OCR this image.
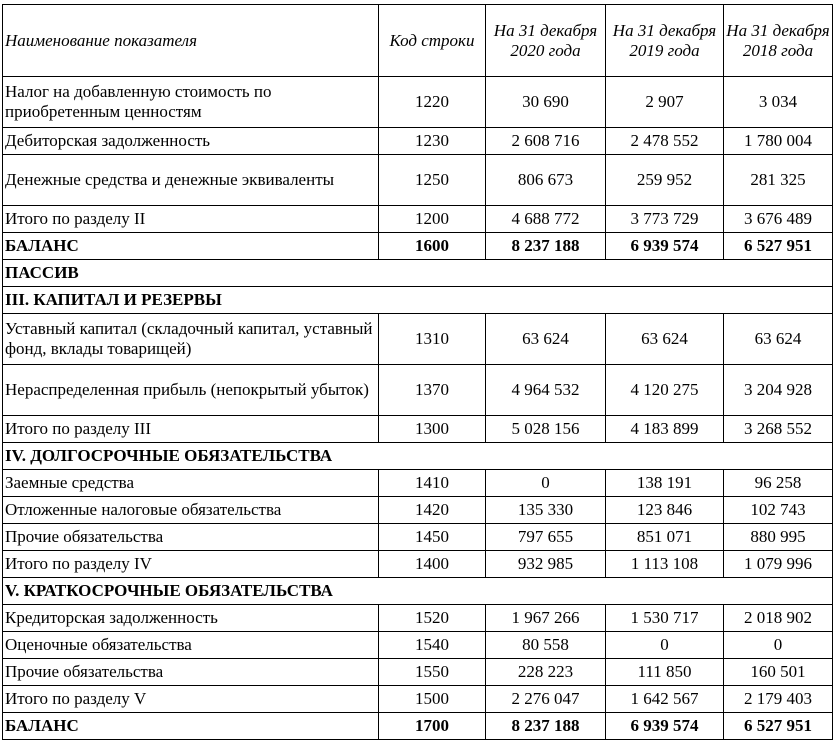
Наименование показателя	Код строки	На 31 декабря 2020 года	На 31 декабря 2019 года	На 31 декабря 2018 года
Налог на добавленную стоимость по приобретенным ценностям	1220	30 690	2 907	3 034
Дебиторская задолженность	1230	2 608 716	2 478 552	1 780 004
Денежные средства и денежные эквиваленты	1250	806 673	259 952	281 325
Итого по разделу II	1200	4 688 772	3 773 729	3 676 489
БАЛАНС	1600	8 237 188	6 939 574	6 527 951
ПАССИВ				
III. КАПИТАЛ И РЕЗЕРВЫ				
Уставный капитал (складочный капитал, уставный фонд, вклады товарищей)	1310	63 624	63 624	63 624
Нераспределенная прибыль (непокрытый убыток)	1370	4 964 532	4 120 275	3 204 928
Итого по разделу III	1300	5 028 156	4 183 899	3 268 552
IV. ДОЛГОСРОЧНЫЕ ОБЯЗАТЕЛЬСТВА				
Заемные средства	1410	0	138 191	96 258
Отложенные налоговые обязательства	1420	135 330	123 846	102 743
Прочие обязательства	1450	797 655	851 071	880 995
Итого по разделу IV	1400	932 985	1 113 108	1 079 996
V. КРАТКОСРОЧНЫЕ ОБЯЗАТЕЛЬСТВА				
Кредиторская задолженность	1520	1 967 266	1 530 717	2 018 902
Оценочные обязательства	1540	80 558	0	0
Прочие обязательства	1550	228 223	111 850	160 501
Итого по разделу V	1500	2 276 047	1 642 567	2 179 403
БАЛАНС	1700	8 237 188	6 939 574	6 527 951
